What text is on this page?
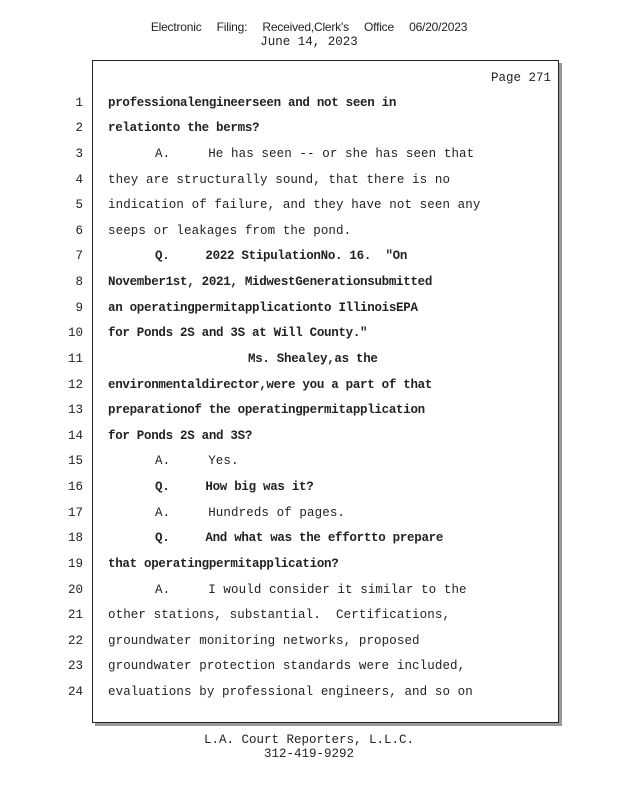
Electronic Filing: Received,Clerk's Office 06/20/2023
June 14, 2023
Page 271
1
2
3
4
5
6
7
8
9
10
11
12
13
14
15
16
17
18
19
20
21
22
23
24
professionalengineerseen and not seen in
relationto the berms?
A.     He has seen -- or she has seen that
they are structurally sound, that there is no
indication of failure, and they have not seen any
seeps or leakages from the pond.
Q.     2022 StipulationNo. 16.  "On
November1st, 2021, MidwestGenerationsubmitted
an operatingpermitapplicationto IllinoisEPA
for Ponds 2S and 3S at Will County."
Ms. Shealey,as the
environmentaldirector,were you a part of that
preparationof the operatingpermitapplication
for Ponds 2S and 3S?
A.     Yes.
Q.     How big was it?
A.     Hundreds of pages.
Q.     And what was the effortto prepare
that operatingpermitapplication?
A.     I would consider it similar to the
other stations, substantial.  Certifications,
groundwater monitoring networks, proposed
groundwater protection standards were included,
evaluations by professional engineers, and so on
L.A. Court Reporters, L.L.C.
312-419-9292
